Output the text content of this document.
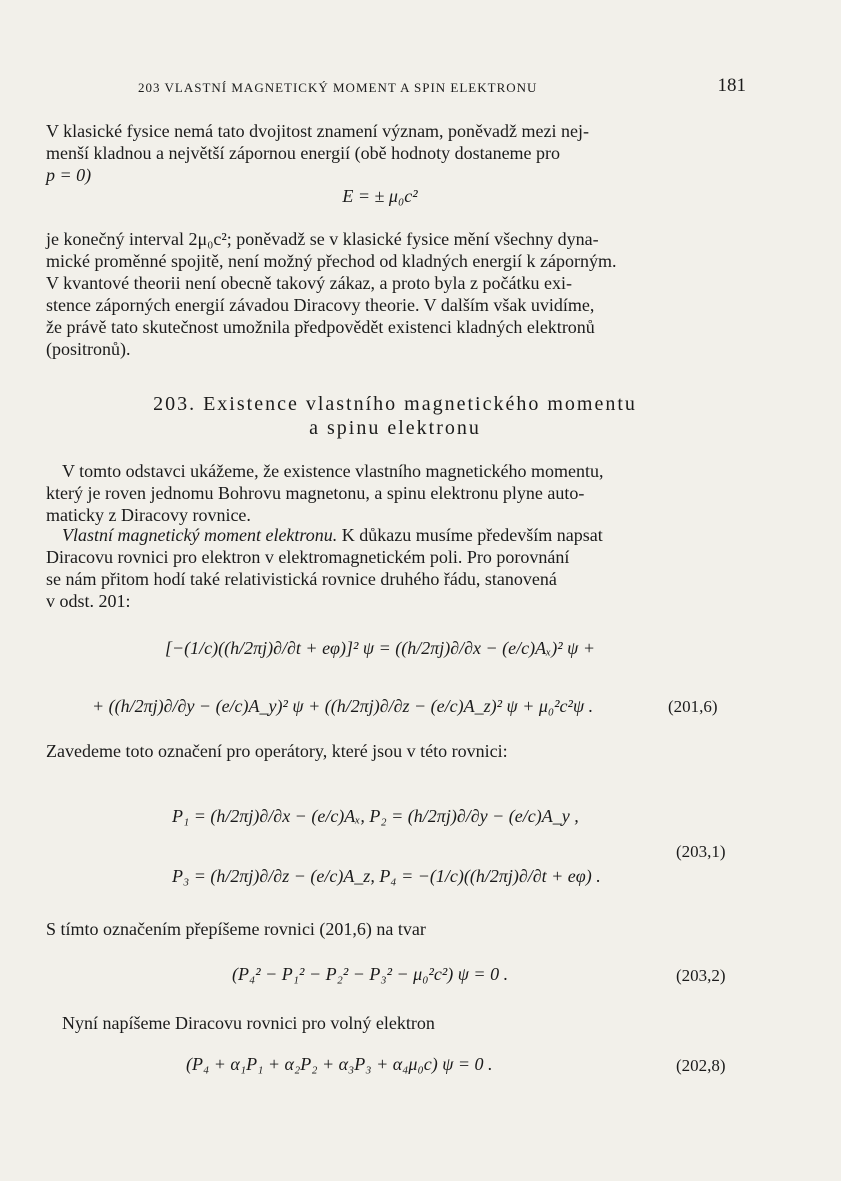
203 VLASTNÍ MAGNETICKÝ MOMENT A SPIN ELEKTRONU	181
V klasické fysice nemá tato dvojitost znamení význam, poněvadž mezi nej-
menší kladnou a největší zápornou energií (obě hodnoty dostaneme pro
p = 0)
E = ± μ₀c²
je konečný interval 2μ₀c²; poněvadž se v klasické fysice mění všechny dyna-
mické proměnné spojitě, není možný přechod od kladných energií k záporným.
V kvantové theorii není obecně takový zákaz, a proto byla z počátku exi-
stence záporných energií závadou Diracovy theorie. V dalším však uvidíme,
že právě tato skutečnost umožnila předpovědět existenci kladných elektronů
(positronů).
203. Existence vlastního magnetického momentu
a spinu elektronu
V tomto odstavci ukážeme, že existence vlastního magnetického momentu,
který je roven jednomu Bohrovu magnetonu, a spinu elektronu plyne auto-
maticky z Diracovy rovnice.
Vlastní magnetický moment elektronu. K důkazu musíme především napsat
Diracovu rovnici pro elektron v elektromagnetickém poli. Pro porovnání
se nám přitom hodí také relativistická rovnice druhého řádu, stanovená
v odst. 201:
[−(1/c)((h/2πj)∂/∂t + eφ)]² ψ = ((h/2πj)∂/∂x − (e/c)Aₓ)² ψ +
+ ((h/2πj)∂/∂y − (e/c)A_y)² ψ + ((h/2πj)∂/∂z − (e/c)A_z)² ψ + μ₀²c²ψ .	(201,6)
Zavedeme toto označení pro operátory, které jsou v této rovnici:
P₁ = (h/2πj)∂/∂x − (e/c)Aₓ, P₂ = (h/2πj)∂/∂y − (e/c)A_y ,
P₃ = (h/2πj)∂/∂z − (e/c)A_z, P₄ = −(1/c)((h/2πj)∂/∂t + eφ) .
(203,1)
S tímto označením přepíšeme rovnici (201,6) na tvar
(P₄² − P₁² − P₂² − P₃² − μ₀²c²) ψ = 0 .	(203,2)
Nyní napíšeme Diracovu rovnici pro volný elektron
(P₄ + α₁P₁ + α₂P₂ + α₃P₃ + α₄μ₀c) ψ = 0 .	(202,8)
